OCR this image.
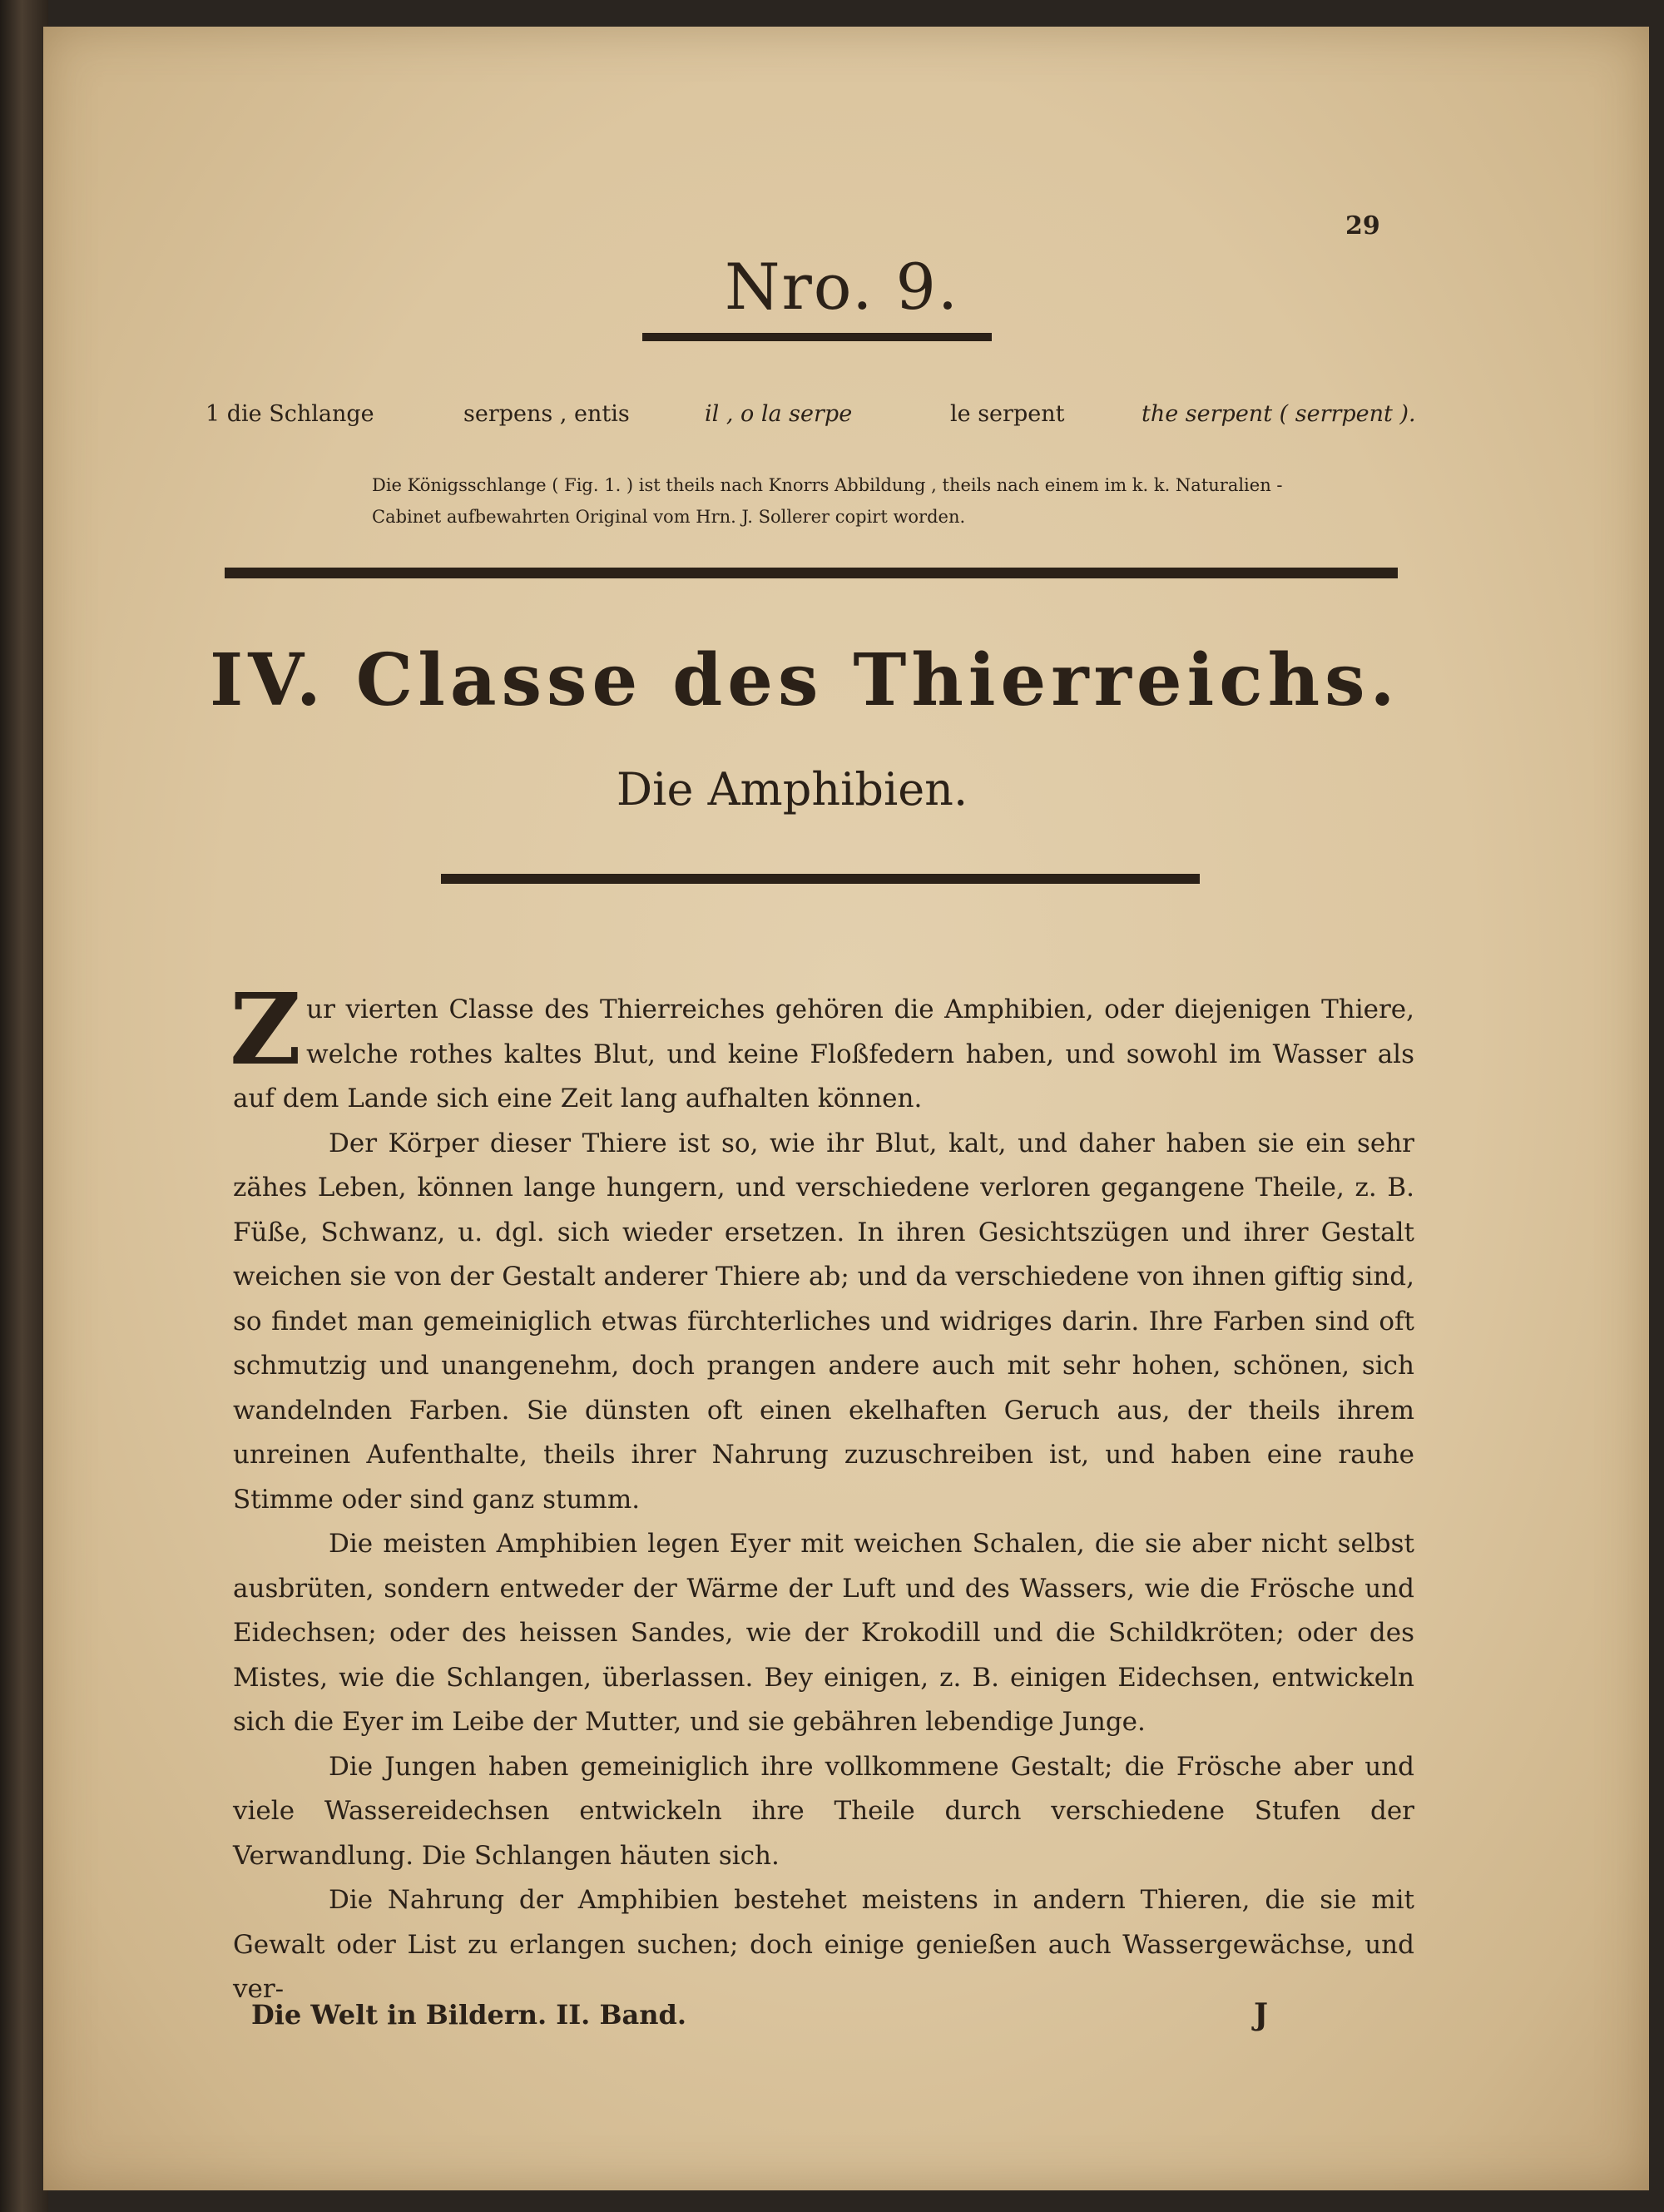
29
Nro. 9.
1 die Schlange	serpens , entis	il , o la serpe	le serpent	the serpent ( serrpent ).
Die Königsschlange ( Fig. 1. ) ist theils nach Knorrs Abbildung , theils nach einem im k. k. Naturalien - Cabinet aufbewahrten Original vom Hrn. J. Sollerer copirt worden.
IV. Classe des Thierreichs.
Die Amphibien.

Zur vierten Classe des Thierreiches gehören die Amphibien, oder diejenigen Thiere, welche rothes kaltes Blut, und keine Floßfedern haben, und sowohl im Wasser als auf dem Lande sich eine Zeit lang aufhalten können.

Der Körper dieser Thiere ist so, wie ihr Blut, kalt, und daher haben sie ein sehr zähes Leben, können lange hungern, und verschiedene verloren gegangene Theile, z. B. Füße, Schwanz, u. dgl. sich wieder ersetzen. In ihren Gesichtszügen und ihrer Gestalt weichen sie von der Gestalt anderer Thiere ab; und da verschiedene von ihnen giftig sind, so findet man gemeiniglich etwas fürchterliches und widriges darin. Ihre Farben sind oft schmutzig und unangenehm, doch prangen andere auch mit sehr hohen, schönen, sich wandelnden Farben. Sie dünsten oft einen ekelhaften Geruch aus, der theils ihrem unreinen Aufenthalte, theils ihrer Nahrung zuzuschreiben ist, und haben eine rauhe Stimme oder sind ganz stumm.

Die meisten Amphibien legen Eyer mit weichen Schalen, die sie aber nicht selbst ausbrüten, sondern entweder der Wärme der Luft und des Wassers, wie die Frösche und Eidechsen; oder des heissen Sandes, wie der Krokodill und die Schildkröten; oder des Mistes, wie die Schlangen, überlassen. Bey einigen, z. B. einigen Eidechsen, entwickeln sich die Eyer im Leibe der Mutter, und sie gebähren lebendige Junge.

Die Jungen haben gemeiniglich ihre vollkommene Gestalt; die Frösche aber und viele Wassereidechsen entwickeln ihre Theile durch verschiedene Stufen der Verwandlung. Die Schlangen häuten sich.

Die Nahrung der Amphibien bestehet meistens in andern Thieren, die sie mit Gewalt oder List zu erlangen suchen; doch einige genießen auch Wassergewächse, und ver-

Die Welt in Bildern. II. Band.	J
